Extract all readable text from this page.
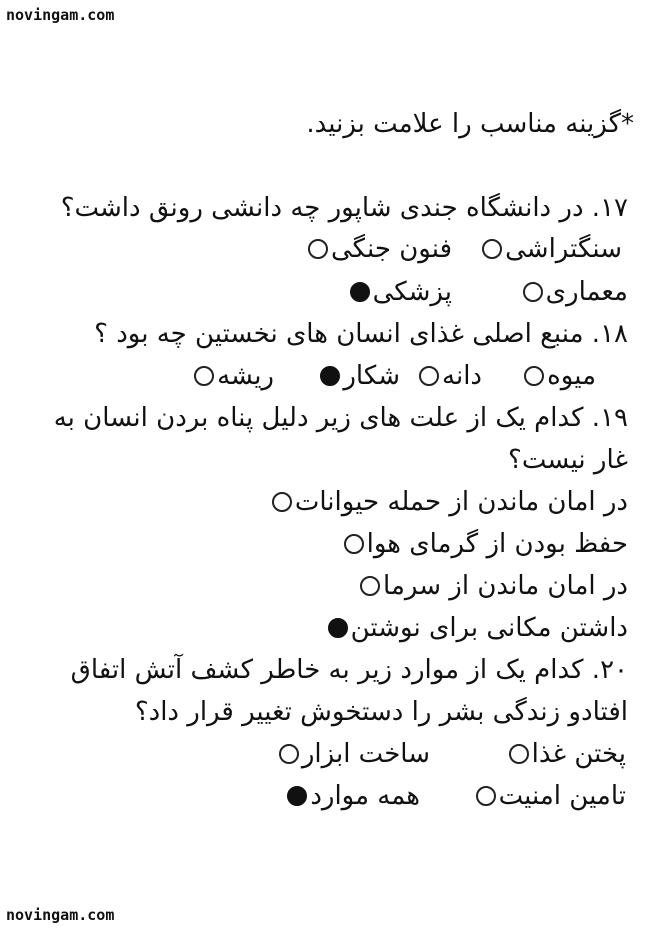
novingam.com
*گزینه مناسب را علامت بزنید.
۱۷. در دانشگاه جندی شاپور چه دانشی رونق داشت؟
سنگتراشی
فنون جنگی
معماری
پزشکی
۱۸. منبع اصلی غذای انسان های نخستین چه بود ؟
میوه
دانه
شکار
ریشه
۱۹. کدام یک از علت های زیر دلیل پناه بردن انسان به
غار نیست؟
در امان ماندن از حمله حیوانات
حفظ بودن از گرمای هوا
در امان ماندن از سرما
داشتن مکانی برای نوشتن
۲۰. کدام یک از موارد زیر به خاطر کشف آتش اتفاق
افتادو زندگی بشر را دستخوش تغییر قرار داد؟
پختن غذا
ساخت ابزار
تامین امنیت
همه موارد
novingam.com
